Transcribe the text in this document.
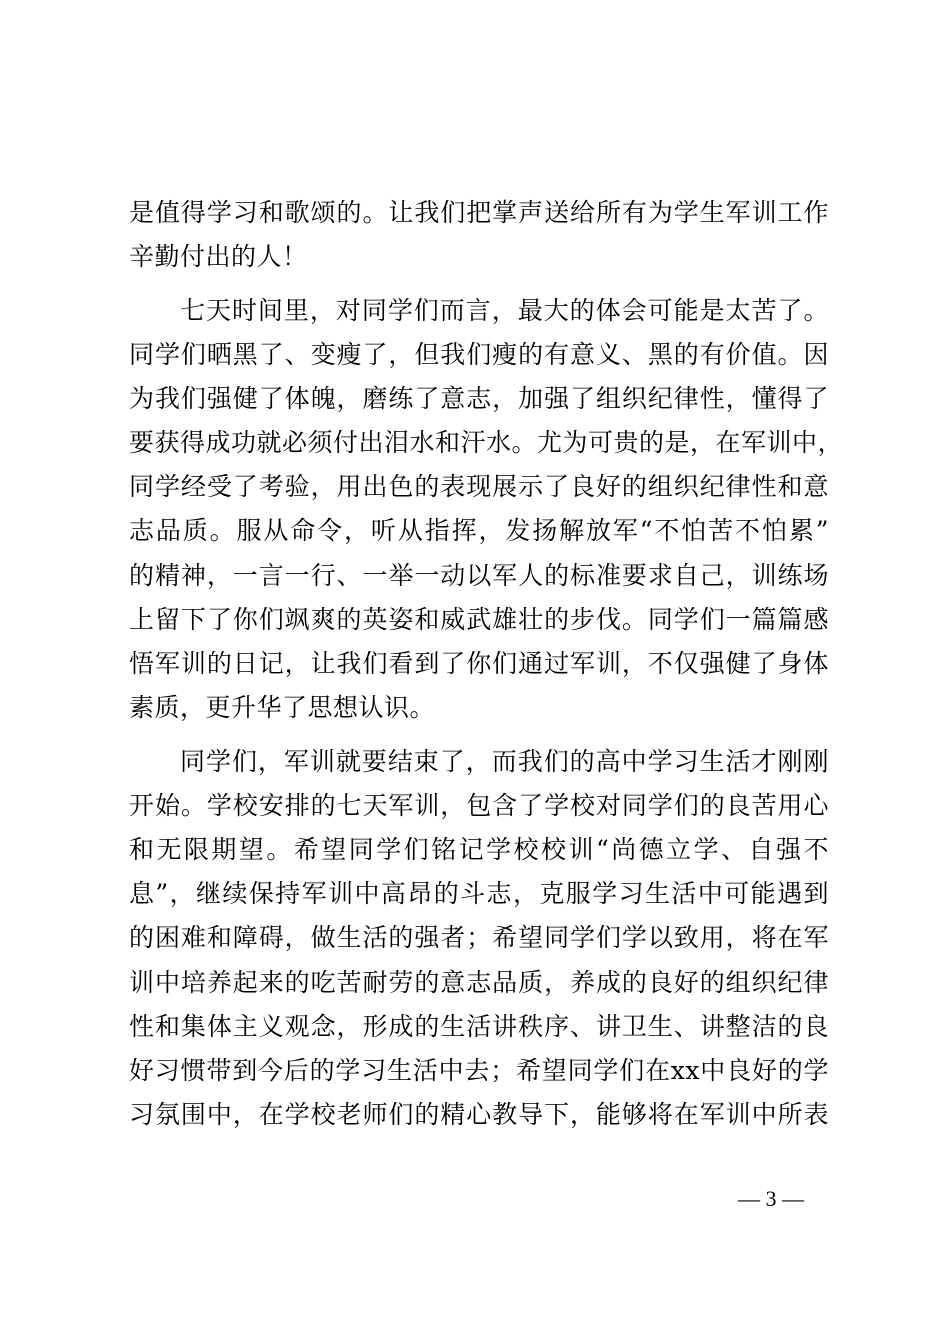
是值得学习和歌颂的。让我们把掌声送给所有为学生军训工作
辛勤付出的人！
七天时间里，对同学们而言，最大的体会可能是太苦了。
同学们晒黑了、变瘦了，但我们瘦的有意义、黑的有价值。因
为我们强健了体魄，磨练了意志，加强了组织纪律性，懂得了
要获得成功就必须付出泪水和汗水。尤为可贵的是，在军训中，
同学经受了考验，用出色的表现展示了良好的组织纪律性和意
志品质。服从命令，听从指挥，发扬解放军“不怕苦不怕累”
的精神，一言一行、一举一动以军人的标准要求自己，训练场
上留下了你们飒爽的英姿和威武雄壮的步伐。同学们一篇篇感
悟军训的日记，让我们看到了你们通过军训，不仅强健了身体
素质，更升华了思想认识。
同学们，军训就要结束了，而我们的高中学习生活才刚刚
开始。学校安排的七天军训，包含了学校对同学们的良苦用心
和无限期望。希望同学们铭记学校校训“尚德立学、自强不
息”，继续保持军训中高昂的斗志，克服学习生活中可能遇到
的困难和障碍，做生活的强者；希望同学们学以致用，将在军
训中培养起来的吃苦耐劳的意志品质，养成的良好的组织纪律
性和集体主义观念，形成的生活讲秩序、讲卫生、讲整洁的良
好习惯带到今后的学习生活中去；希望同学们在xx中良好的学
习氛围中，在学校老师们的精心教导下，能够将在军训中所表
— 3 —
